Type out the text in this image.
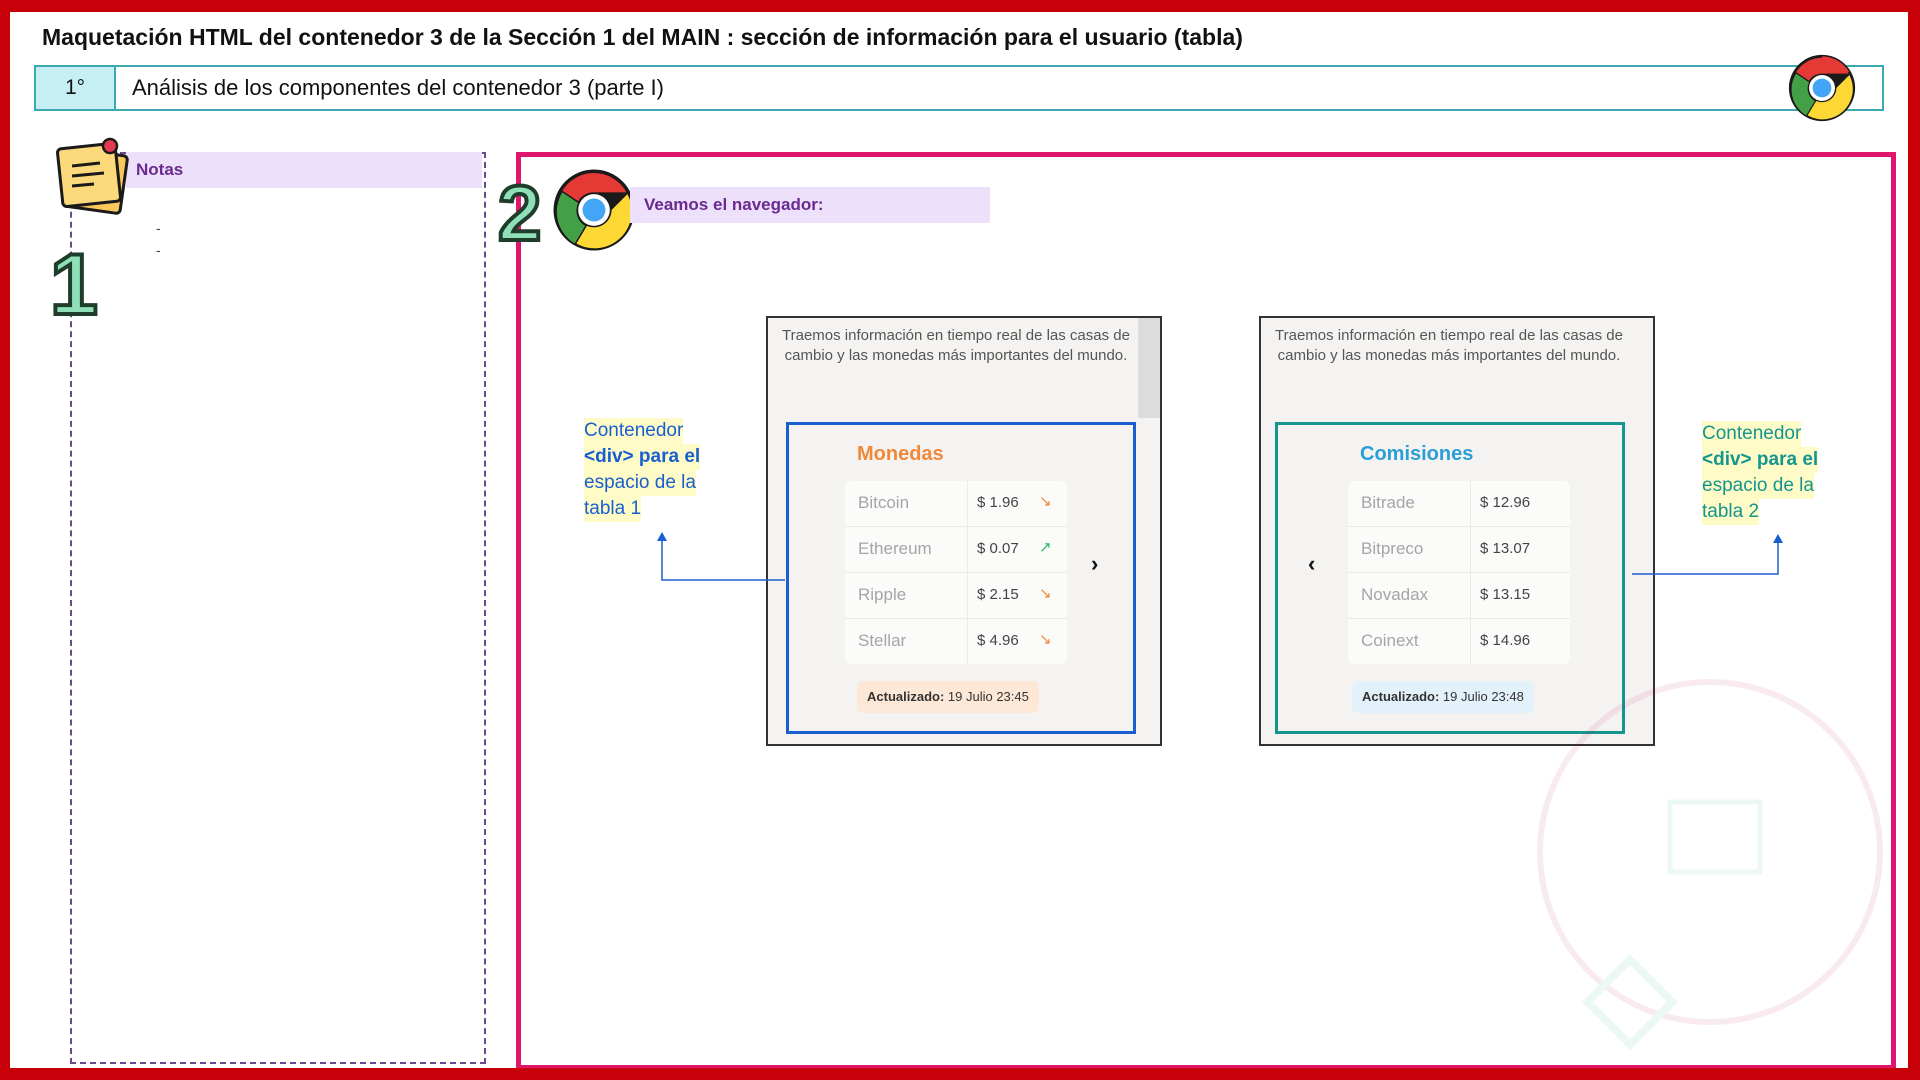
Maquetación HTML del contenedor 3 de la Sección 1 del MAIN : sección de información para el usuario (tabla)
1°	Análisis de los componentes del contenedor 3 (parte I)
Notas
-
-
1
2	Veamos el navegador:
Traemos información en tiempo real de las casas de cambio y las monedas más importantes del mundo.
Monedas
Bitcoin	$ 1.96 ↘
Ethereum	$ 0.07 ↗
Ripple	$ 2.15 ↘
Stellar	$ 4.96 ↘
Actualizado: 19 Julio 23:45
›
Traemos información en tiempo real de las casas de cambio y las monedas más importantes del mundo.
Comisiones
Bitrade	$ 12.96
Bitpreco	$ 13.07
Novadax	$ 13.15
Coinext	$ 14.96
Actualizado: 19 Julio 23:48
‹
Contenedor
<div> para el
espacio de la
tabla 1
Contenedor
<div> para el
espacio de la
tabla 2
